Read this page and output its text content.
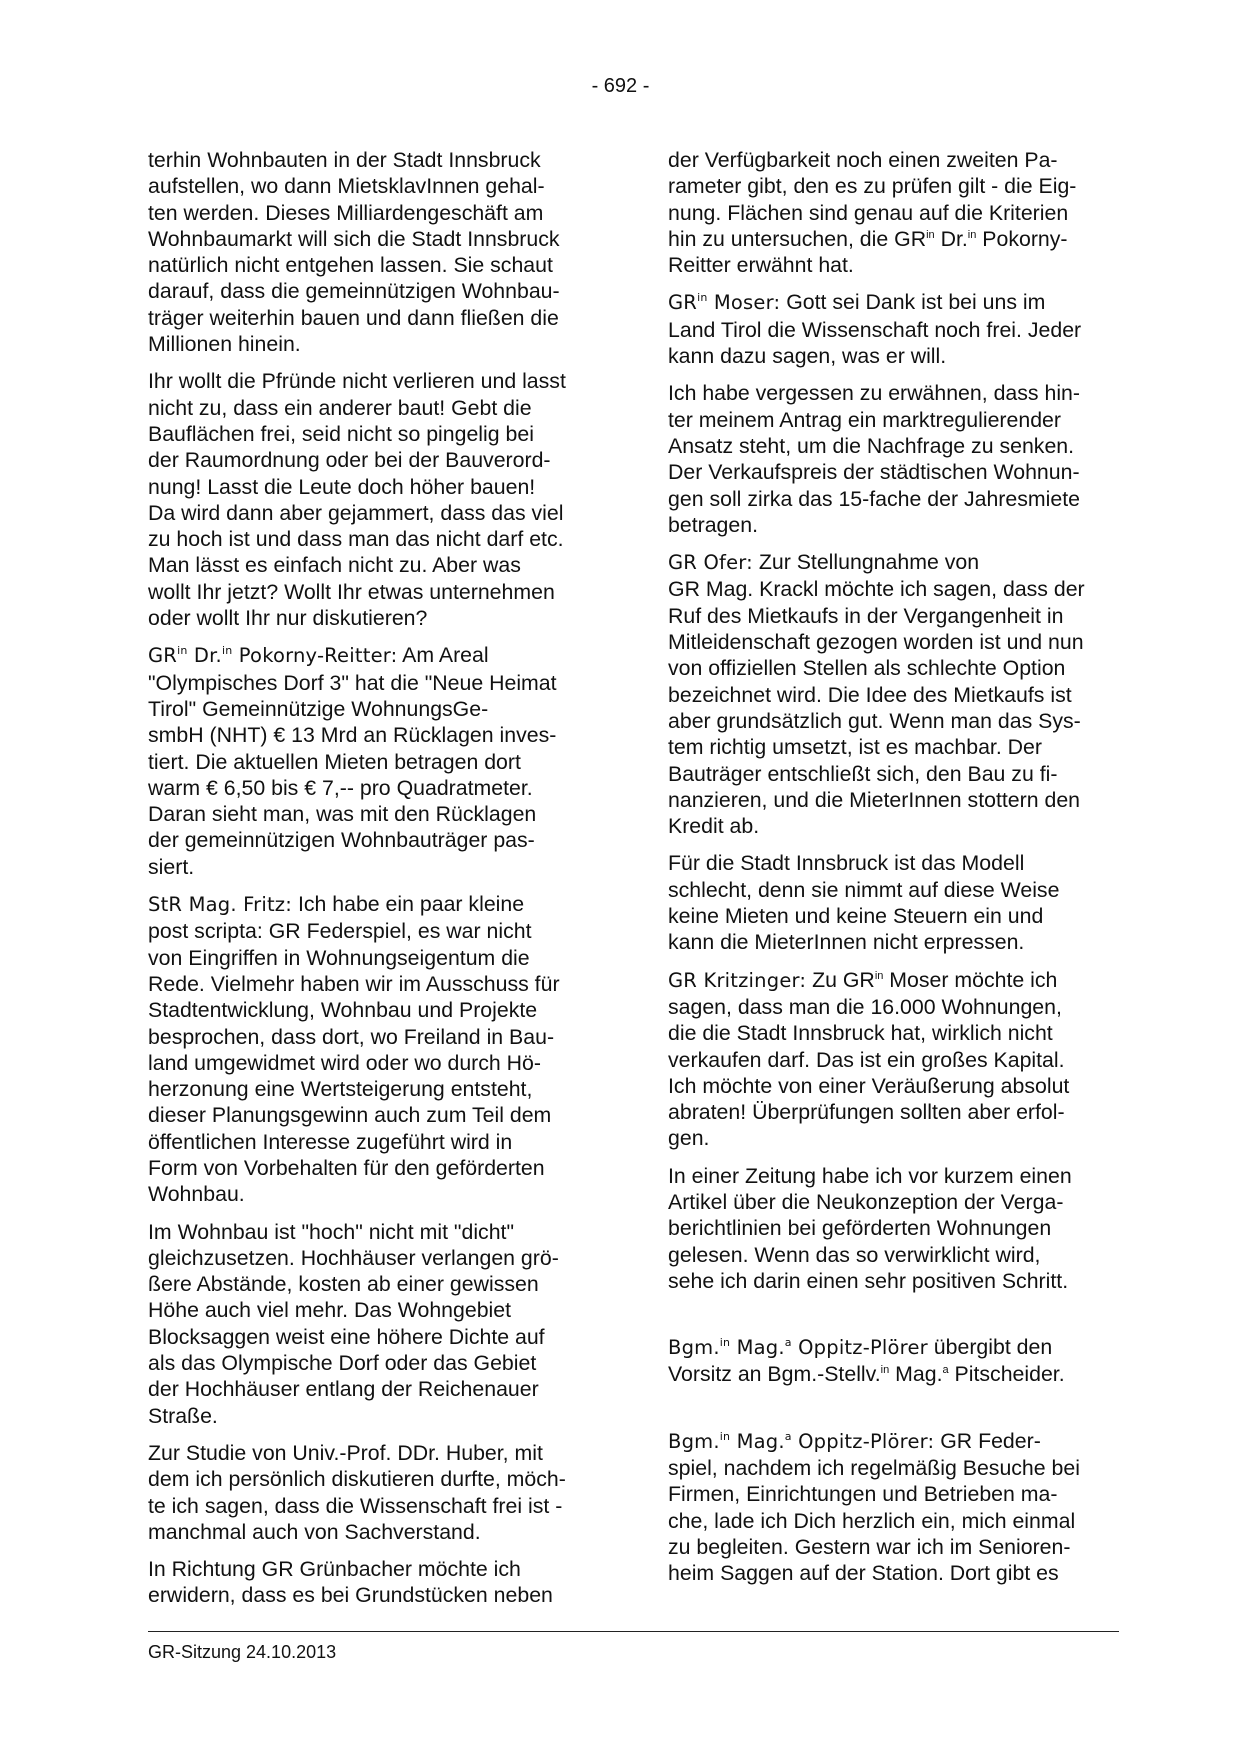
- 692 -
terhin Wohnbauten in der Stadt Innsbruck
aufstellen, wo dann MietsklavInnen gehal-
ten werden. Dieses Milliardengeschäft am
Wohnbaumarkt will sich die Stadt Innsbruck
natürlich nicht entgehen lassen. Sie schaut
darauf, dass die gemeinnützigen Wohnbau-
träger weiterhin bauen und dann fließen die
Millionen hinein.
Ihr wollt die Pfründe nicht verlieren und lasst
nicht zu, dass ein anderer baut! Gebt die
Bauflächen frei, seid nicht so pingelig bei
der Raumordnung oder bei der Bauverord-
nung! Lasst die Leute doch höher bauen!
Da wird dann aber gejammert, dass das viel
zu hoch ist und dass man das nicht darf etc.
Man lässt es einfach nicht zu. Aber was
wollt Ihr jetzt? Wollt Ihr etwas unternehmen
oder wollt Ihr nur diskutieren?
$GR^{in}$ Dr.$^{in}$ Pokorny-Reitter: Am Areal
"Olympisches Dorf 3" hat die "Neue Heimat
Tirol" Gemeinnützige WohnungsGe-
smbH (NHT) € 13 Mrd an Rücklagen inves-
tiert. Die aktuellen Mieten betragen dort
warm € 6,50 bis € 7,-- pro Quadratmeter.
Daran sieht man, was mit den Rücklagen
der gemeinnützigen Wohnbauträger pas-
siert.
StR Mag. Fritz: Ich habe ein paar kleine
post scripta: GR Federspiel, es war nicht
von Eingriffen in Wohnungseigentum die
Rede. Vielmehr haben wir im Ausschuss für
Stadtentwicklung, Wohnbau und Projekte
besprochen, dass dort, wo Freiland in Bau-
land umgewidmet wird oder wo durch Hö-
herzonung eine Wertsteigerung entsteht,
dieser Planungsgewinn auch zum Teil dem
öffentlichen Interesse zugeführt wird in
Form von Vorbehalten für den geförderten
Wohnbau.
Im Wohnbau ist "hoch" nicht mit "dicht"
gleichzusetzen. Hochhäuser verlangen grö-
ßere Abstände, kosten ab einer gewissen
Höhe auch viel mehr. Das Wohngebiet
Blocksaggen weist eine höhere Dichte auf
als das Olympische Dorf oder das Gebiet
der Hochhäuser entlang der Reichenauer
Straße.
Zur Studie von Univ.-Prof. DDr. Huber, mit
dem ich persönlich diskutieren durfte, möch-
te ich sagen, dass die Wissenschaft frei ist -
manchmal auch von Sachverstand.
In Richtung GR Grünbacher möchte ich
erwidern, dass es bei Grundstücken neben
der Verfügbarkeit noch einen zweiten Pa-
rameter gibt, den es zu prüfen gilt - die Eig-
nung. Flächen sind genau auf die Kriterien
hin zu untersuchen, die $GR^{in}$ Dr.$^{in}$ Pokorny-
Reitter erwähnt hat.
$GR^{in}$ Moser: Gott sei Dank ist bei uns im
Land Tirol die Wissenschaft noch frei. Jeder
kann dazu sagen, was er will.
Ich habe vergessen zu erwähnen, dass hin-
ter meinem Antrag ein marktregulierender
Ansatz steht, um die Nachfrage zu senken.
Der Verkaufspreis der städtischen Wohnun-
gen soll zirka das 15-fache der Jahresmiete
betragen.
GR Ofer: Zur Stellungnahme von
GR Mag. Krackl möchte ich sagen, dass der
Ruf des Mietkaufs in der Vergangenheit in
Mitleidenschaft gezogen worden ist und nun
von offiziellen Stellen als schlechte Option
bezeichnet wird. Die Idee des Mietkaufs ist
aber grundsätzlich gut. Wenn man das Sys-
tem richtig umsetzt, ist es machbar. Der
Bauträger entschließt sich, den Bau zu fi-
nanzieren, und die MieterInnen stottern den
Kredit ab.
Für die Stadt Innsbruck ist das Modell
schlecht, denn sie nimmt auf diese Weise
keine Mieten und keine Steuern ein und
kann die MieterInnen nicht erpressen.
GR Kritzinger: Zu $GR^{in}$ Moser möchte ich
sagen, dass man die 16.000 Wohnungen,
die die Stadt Innsbruck hat, wirklich nicht
verkaufen darf. Das ist ein großes Kapital.
Ich möchte von einer Veräußerung absolut
abraten! Überprüfungen sollten aber erfol-
gen.
In einer Zeitung habe ich vor kurzem einen
Artikel über die Neukonzeption der Verga-
berichtlinien bei geförderten Wohnungen
gelesen. Wenn das so verwirklicht wird,
sehe ich darin einen sehr positiven Schritt.
Bgm.$^{in}$ Mag.$^a$ Oppitz-Plörer übergibt den
Vorsitz an Bgm.-Stellv.$^{in}$ Mag.$^a$ Pitscheider.
Bgm.$^{in}$ Mag.$^a$ Oppitz-Plörer: GR Feder-
spiel, nachdem ich regelmäßig Besuche bei
Firmen, Einrichtungen und Betrieben ma-
che, lade ich Dich herzlich ein, mich einmal
zu begleiten. Gestern war ich im Senioren-
heim Saggen auf der Station. Dort gibt es
GR-Sitzung 24.10.2013
